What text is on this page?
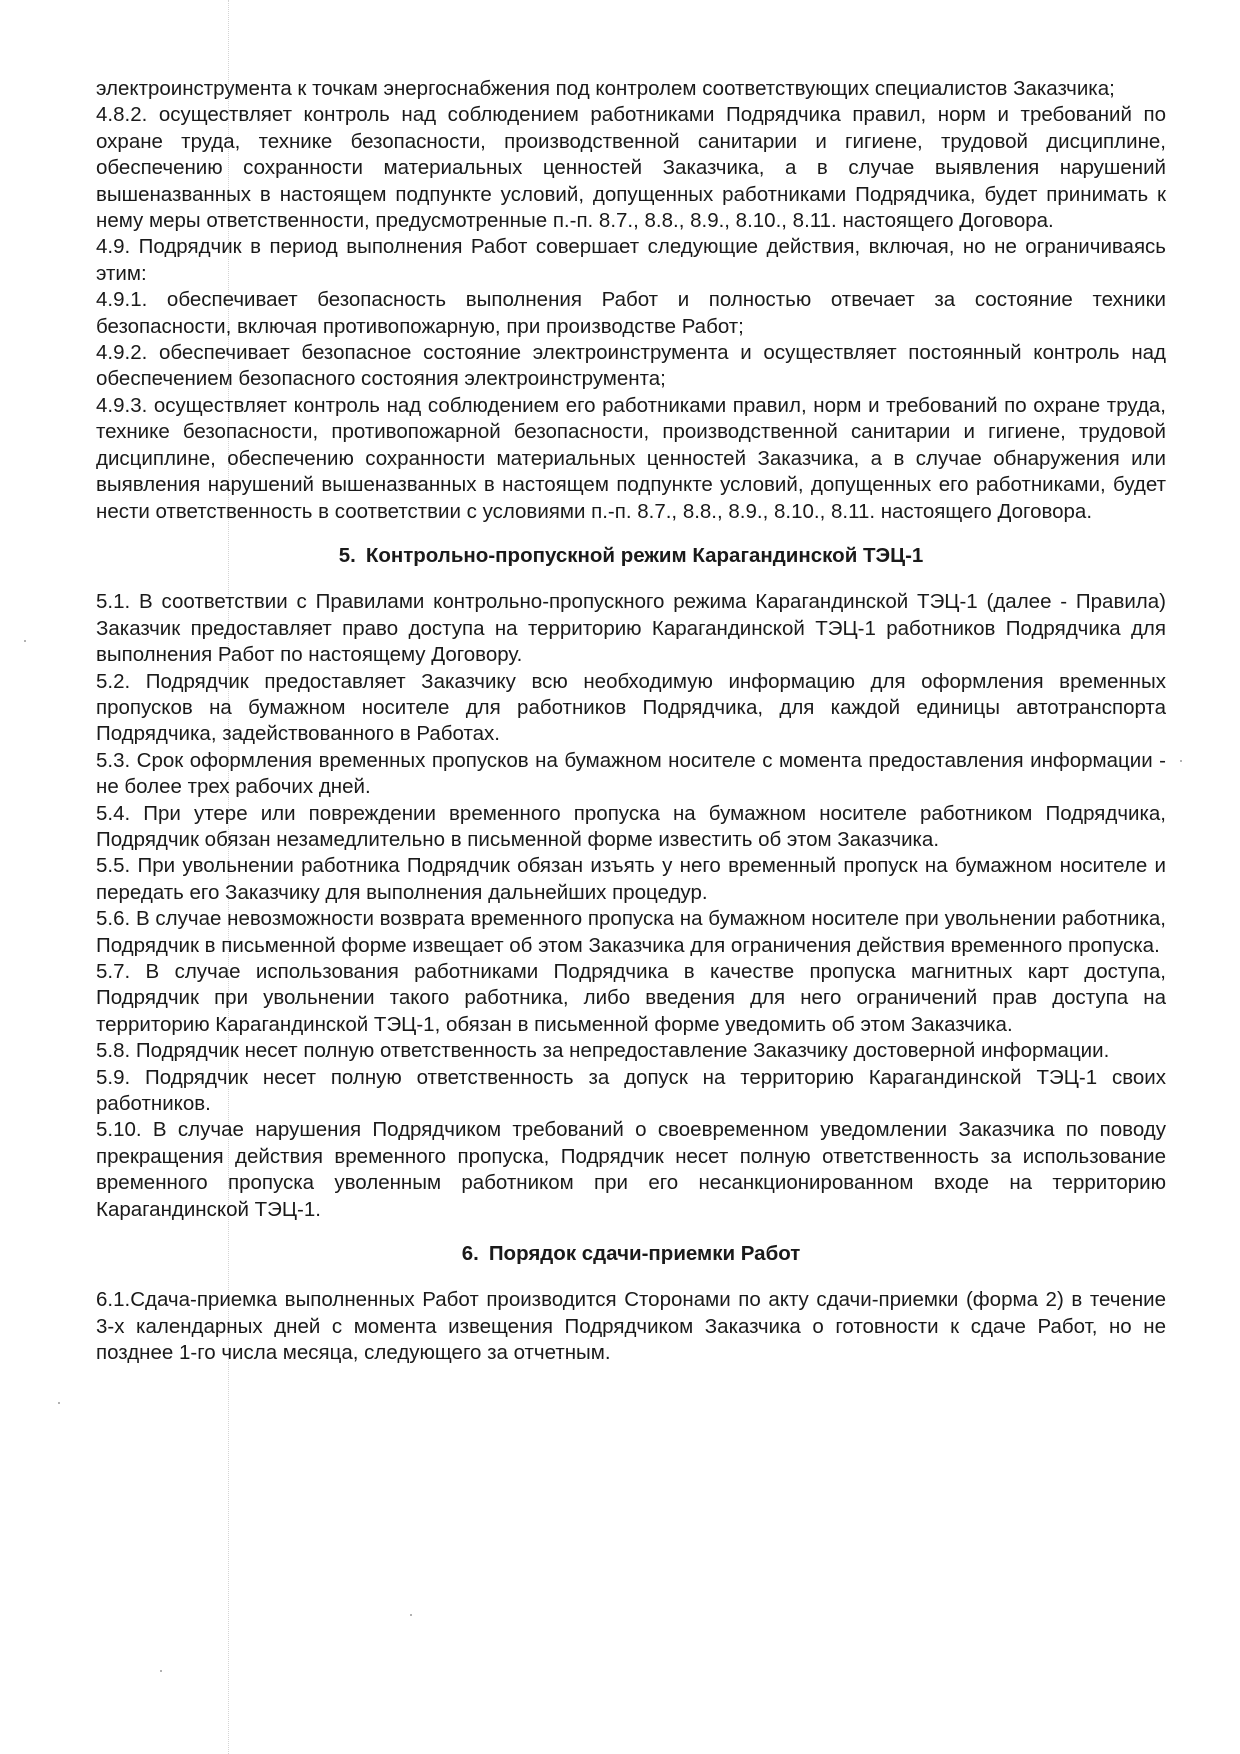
электроинструмента к точкам энергоснабжения под контролем соответствующих специалистов Заказчика;

4.8.2. осуществляет контроль над соблюдением работниками Подрядчика правил, норм и требований по охране труда, технике безопасности, производственной санитарии и гигиене, трудовой дисциплине, обеспечению сохранности материальных ценностей Заказчика, а в случае выявления нарушений вышеназванных в настоящем подпункте условий, допущенных работниками Подрядчика, будет принимать к нему меры ответственности, предусмотренные п.-п. 8.7., 8.8., 8.9., 8.10., 8.11. настоящего Договора.

4.9. Подрядчик в период выполнения Работ совершает следующие действия, включая, но не ограничиваясь этим:

4.9.1. обеспечивает безопасность выполнения Работ и полностью отвечает за состояние техники безопасности, включая противопожарную, при производстве Работ;

4.9.2. обеспечивает безопасное состояние электроинструмента и осуществляет постоянный контроль над обеспечением безопасного состояния электроинструмента;

4.9.3. осуществляет контроль над соблюдением его работниками правил, норм и требований по охране труда, технике безопасности, противопожарной безопасности, производственной санитарии и гигиене, трудовой дисциплине, обеспечению сохранности материальных ценностей Заказчика, а в случае обнаружения или выявления нарушений вышеназванных в настоящем подпункте условий, допущенных его работниками, будет нести ответственность в соответствии с условиями п.-п. 8.7., 8.8., 8.9., 8.10., 8.11. настоящего Договора.

5. Контрольно-пропускной режим Карагандинской ТЭЦ-1

5.1. В соответствии с Правилами контрольно-пропускного режима Карагандинской ТЭЦ-1 (далее - Правила) Заказчик предоставляет право доступа на территорию Карагандинской ТЭЦ-1 работников Подрядчика для выполнения Работ по настоящему Договору.

5.2. Подрядчик предоставляет Заказчику всю необходимую информацию для оформления временных пропусков на бумажном носителе для работников Подрядчика, для каждой единицы автотранспорта Подрядчика, задействованного в Работах.

5.3. Срок оформления временных пропусков на бумажном носителе с момента предоставления информации - не более трех рабочих дней.

5.4. При утере или повреждении временного пропуска на бумажном носителе работником Подрядчика, Подрядчик обязан незамедлительно в письменной форме известить об этом Заказчика.

5.5. При увольнении работника Подрядчик обязан изъять у него временный пропуск на бумажном носителе и передать его Заказчику для выполнения дальнейших процедур.

5.6. В случае невозможности возврата временного пропуска на бумажном носителе при увольнении работника, Подрядчик в письменной форме извещает об этом Заказчика для ограничения действия временного пропуска.

5.7. В случае использования работниками Подрядчика в качестве пропуска магнитных карт доступа, Подрядчик при увольнении такого работника, либо введения для него ограничений прав доступа на территорию Карагандинской ТЭЦ-1, обязан в письменной форме уведомить об этом Заказчика.

5.8. Подрядчик несет полную ответственность за непредоставление Заказчику достоверной информации.

5.9. Подрядчик несет полную ответственность за допуск на территорию Карагандинской ТЭЦ-1 своих работников.

5.10. В случае нарушения Подрядчиком требований о своевременном уведомлении Заказчика по поводу прекращения действия временного пропуска, Подрядчик несет полную ответственность за использование временного пропуска уволенным работником при его несанкционированном входе на территорию Карагандинской ТЭЦ-1.

6. Порядок сдачи-приемки Работ

6.1.Сдача-приемка выполненных Работ производится Сторонами по акту сдачи-приемки (форма 2) в течение 3-х календарных дней с момента извещения Подрядчиком Заказчика о готовности к сдаче Работ, но не позднее 1-го числа месяца, следующего за отчетным.
